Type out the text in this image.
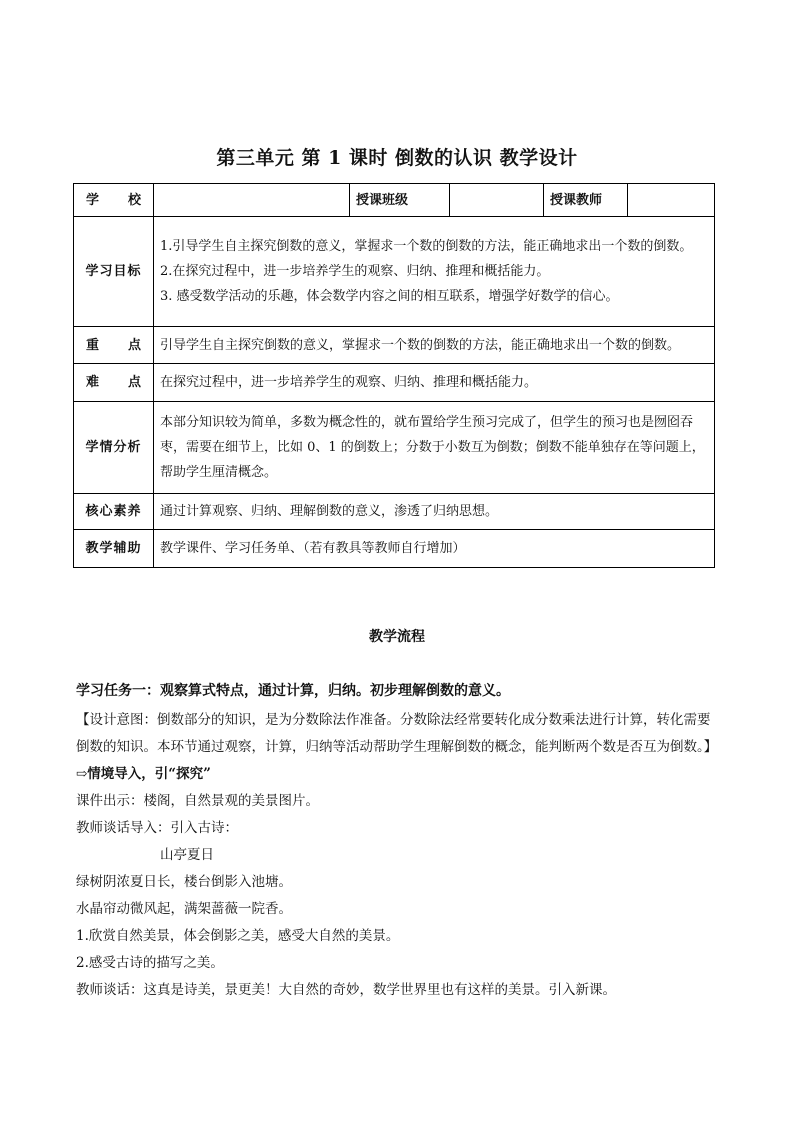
第三单元 第 1 课时 倒数的认识 教学设计
学 校		授课班级		授课教师	
学习目标	1.引导学生自主探究倒数的意义，掌握求一个数的倒数的方法，能正确地求出一个数的倒数。
2.在探究过程中，进一步培养学生的观察、归纳、推理和概括能力。
3. 感受数学活动的乐趣，体会数学内容之间的相互联系，增强学好数学的信心。				

重 点	引导学生自主探究倒数的意义，掌握求一个数的倒数的方法，能正确地求出一个数的倒数。				

难 点	在探究过程中，进一步培养学生的观察、归纳、推理和概括能力。				
学情分析	本部分知识较为简单，多数为概念性的，就布置给学生预习完成了，但学生的预习也是囫囵吞枣，需要在细节上，比如 0、1 的倒数上；分数于小数互为倒数；倒数不能单独存在等问题上，帮助学生厘清概念。				
核心素养	通过计算观察、归纳、理解倒数的意义，渗透了归纳思想。				
教学辅助	教学课件、学习任务单、（若有教具等教师自行增加）				
教学流程

学习任务一：观察算式特点，通过计算，归纳。初步理解倒数的意义。

【设计意图：倒数部分的知识，是为分数除法作准备。分数除法经常要转化成分数乘法进行计算，转化需要倒数的知识。本环节通过观察，计算，归纳等活动帮助学生理解倒数的概念，能判断两个数是否互为倒数。】

⇨情境导入，引“探究”

课件出示：楼阁，自然景观的美景图片。

教师谈话导入：引入古诗：

山亭夏日

绿树阴浓夏日长，楼台倒影入池塘。

水晶帘动微风起，满架蔷薇一院香。

1.欣赏自然美景，体会倒影之美，感受大自然的美景。

2.感受古诗的描写之美。

教师谈话：这真是诗美，景更美！大自然的奇妙，数学世界里也有这样的美景。引入新课。
